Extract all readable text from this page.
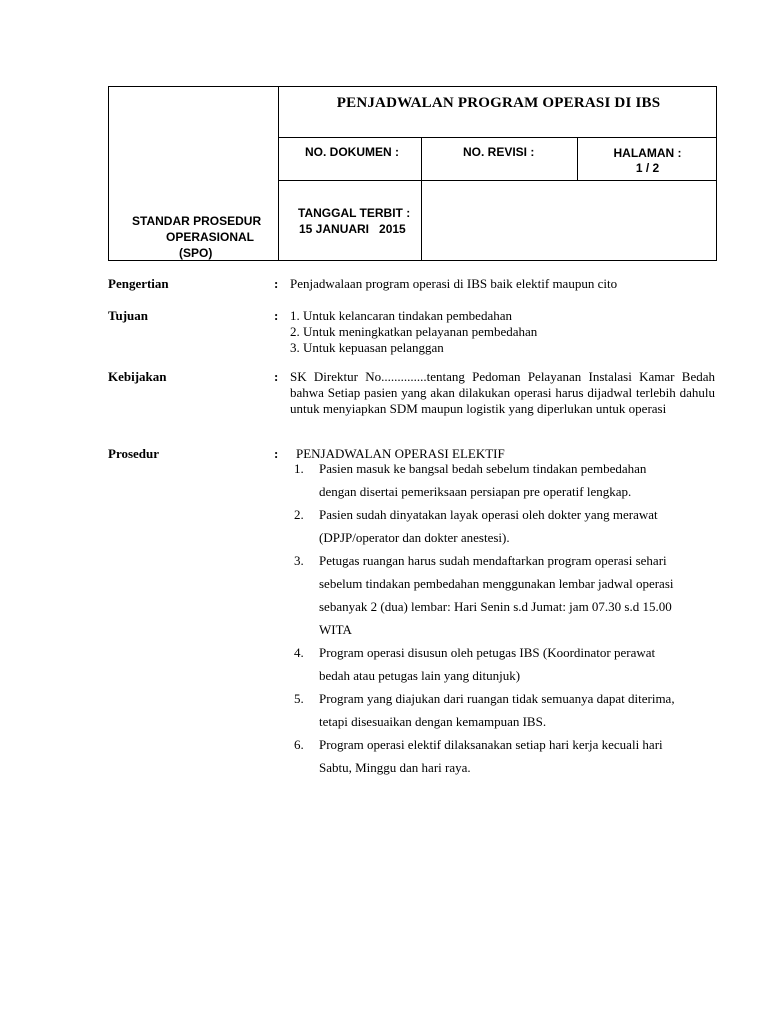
PENJADWALAN PROGRAM OPERASI DI IBS
NO. DOKUMEN :	NO. REVISI :	HALAMAN :
1 / 2
TANGGAL TERBIT :
15 JANUARI   2015
STANDAR PROSEDUR
OPERASIONAL
(SPO)
Pengertian	: Penjadwalaan program operasi di IBS baik elektif maupun cito
Tujuan	: 1. Untuk kelancaran tindakan pembedahan
2. Untuk meningkatkan pelayanan pembedahan
3. Untuk kepuasan pelanggan
Kebijakan	: SK Direktur No..............tentang Pedoman Pelayanan Instalasi Kamar Bedah bahwa Setiap pasien yang akan dilakukan operasi harus dijadwal terlebih dahulu untuk menyiapkan SDM maupun logistik yang diperlukan untuk operasi
Prosedur	: PENJADWALAN OPERASI ELEKTIF
1.	Pasien masuk ke bangsal bedah sebelum tindakan pembedahan
dengan disertai pemeriksaan persiapan pre operatif lengkap.
2.	Pasien sudah dinyatakan layak operasi oleh dokter yang merawat
(DPJP/operator dan dokter anestesi).
3.	Petugas ruangan harus sudah mendaftarkan program operasi sehari
sebelum tindakan pembedahan menggunakan lembar jadwal operasi
sebanyak 2 (dua) lembar: Hari Senin s.d Jumat: jam 07.30 s.d 15.00
WITA
4.	Program operasi disusun oleh petugas IBS (Koordinator perawat
bedah atau petugas lain yang ditunjuk)
5.	Program yang diajukan dari ruangan tidak semuanya dapat diterima,
tetapi disesuaikan dengan kemampuan IBS.
6.	Program operasi elektif dilaksanakan setiap hari kerja kecuali hari
Sabtu, Minggu dan hari raya.
